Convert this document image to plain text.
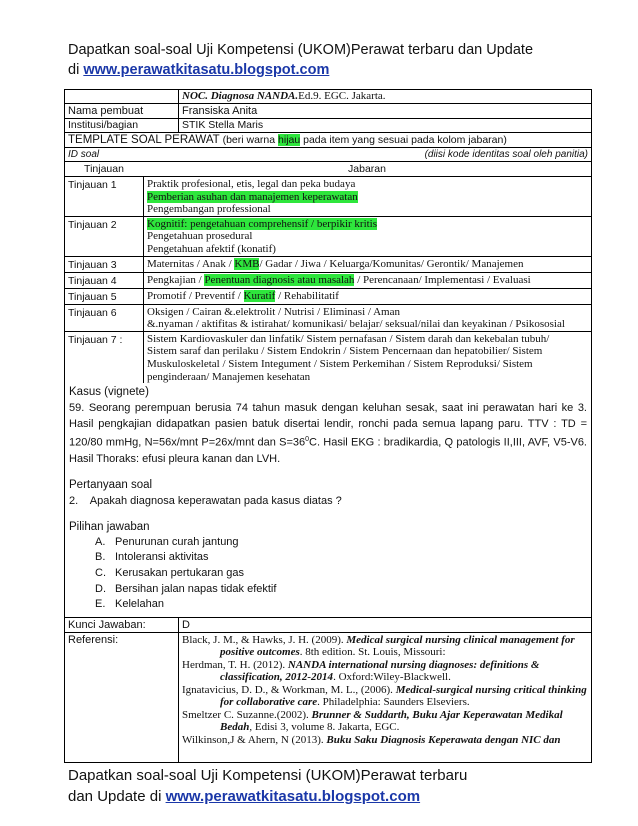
Dapatkan soal-soal Uji Kompetensi (UKOM)Perawat terbaru dan Update
di www.perawatkitasatu.blogspot.com
NOC. Diagnosa NANDA.Ed.9. EGC. Jakarta.
Nama pembuat	Fransiska Anita
Institusi/bagian	STIK Stella Maris
TEMPLATE SOAL PERAWAT (beri warna hijau pada item yang sesuai pada kolom jabaran)
ID soal	(diisi kode identitas soal oleh panitia)
Tinjauan	Jabaran
Tinjauan 1	Praktik profesional, etis, legal dan peka budaya
Pemberian asuhan dan manajemen keperawatan
Pengembangan professional
Tinjauan 2	Kognitif: pengetahuan comprehensif / berpikir kritis
Pengetahuan prosedural
Pengetahuan afektif (konatif)
Tinjauan 3	Maternitas / Anak / KMB/ Gadar / Jiwa / Keluarga/Komunitas/ Gerontik/ Manajemen
Tinjauan 4	Pengkajian / Penentuan diagnosis atau masalah / Perencanaan/ Implementasi / Evaluasi
Tinjauan 5	Promotif / Preventif / Kuratif / Rehabilitatif
Tinjauan 6	Oksigen / Cairan &.elektrolit / Nutrisi / Eliminasi / Aman
&.nyaman / aktifitas & istirahat/ komunikasi/ belajar/ seksual/nilai dan keyakinan / Psikososial
Tinjauan 7 :	Sistem Kardiovaskuler dan linfatik/ Sistem pernafasan / Sistem darah dan kekebalan tubuh/
Sistem saraf dan perilaku / Sistem Endokrin / Sistem Pencernaan dan hepatobilier/ Sistem
Muskuloskeletal / Sistem Integument / Sistem Perkemihan / Sistem Reproduksi/ Sistem
penginderaan/ Manajemen kesehatan

Kasus (vignete)

59. Seorang perempuan berusia 74 tahun masuk dengan keluhan sesak, saat ini perawatan hari ke 3. Hasil pengkajian didapatkan pasien batuk disertai lendir, ronchi pada semua lapang paru. TTV : TD = 120/80 mmHg, N=56x/mnt P=26x/mnt dan $S=36^0C$. Hasil EKG : bradikardia, Q patologis II,III, AVF, V5-V6. Hasil Thoraks: efusi pleura kanan dan LVH.

Pertanyaan soal

2.    Apakah diagnosa keperawatan pada kasus diatas ?

Pilihan jawaban

A. Penurunan curah jantung
B. Intoleransi aktivitas
C. Kerusakan pertukaran gas
D. Bersihan jalan napas tidak efektif
E. Kelelahan
Kunci Jawaban:	D
Referensi:	Black, J. M., & Hawks, J. H. (2009). Medical surgical nursing clinical management for positive outcomes. 8th edition. St. Louis, Missouri:
Herdman, T. H. (2012). NANDA international nursing diagnoses: definitions & classification, 2012-2014. Oxford:Wiley-Blackwell.
Ignatavicius, D. D., & Workman, M. L., (2006). Medical-surgical nursing critical thinking for collaborative care. Philadelphia: Saunders Elseviers.
Smeltzer C. Suzanne.(2002). Brunner & Suddarth, Buku Ajar Keperawatan Medikal Bedah, Edisi 3, volume 8. Jakarta, EGC.
Wilkinson,J & Ahern, N (2013). Buku Saku Diagnosis Keperawata dengan NIC dan
Dapatkan soal-soal Uji Kompetensi (UKOM)Perawat terbaru
dan Update di www.perawatkitasatu.blogspot.com
